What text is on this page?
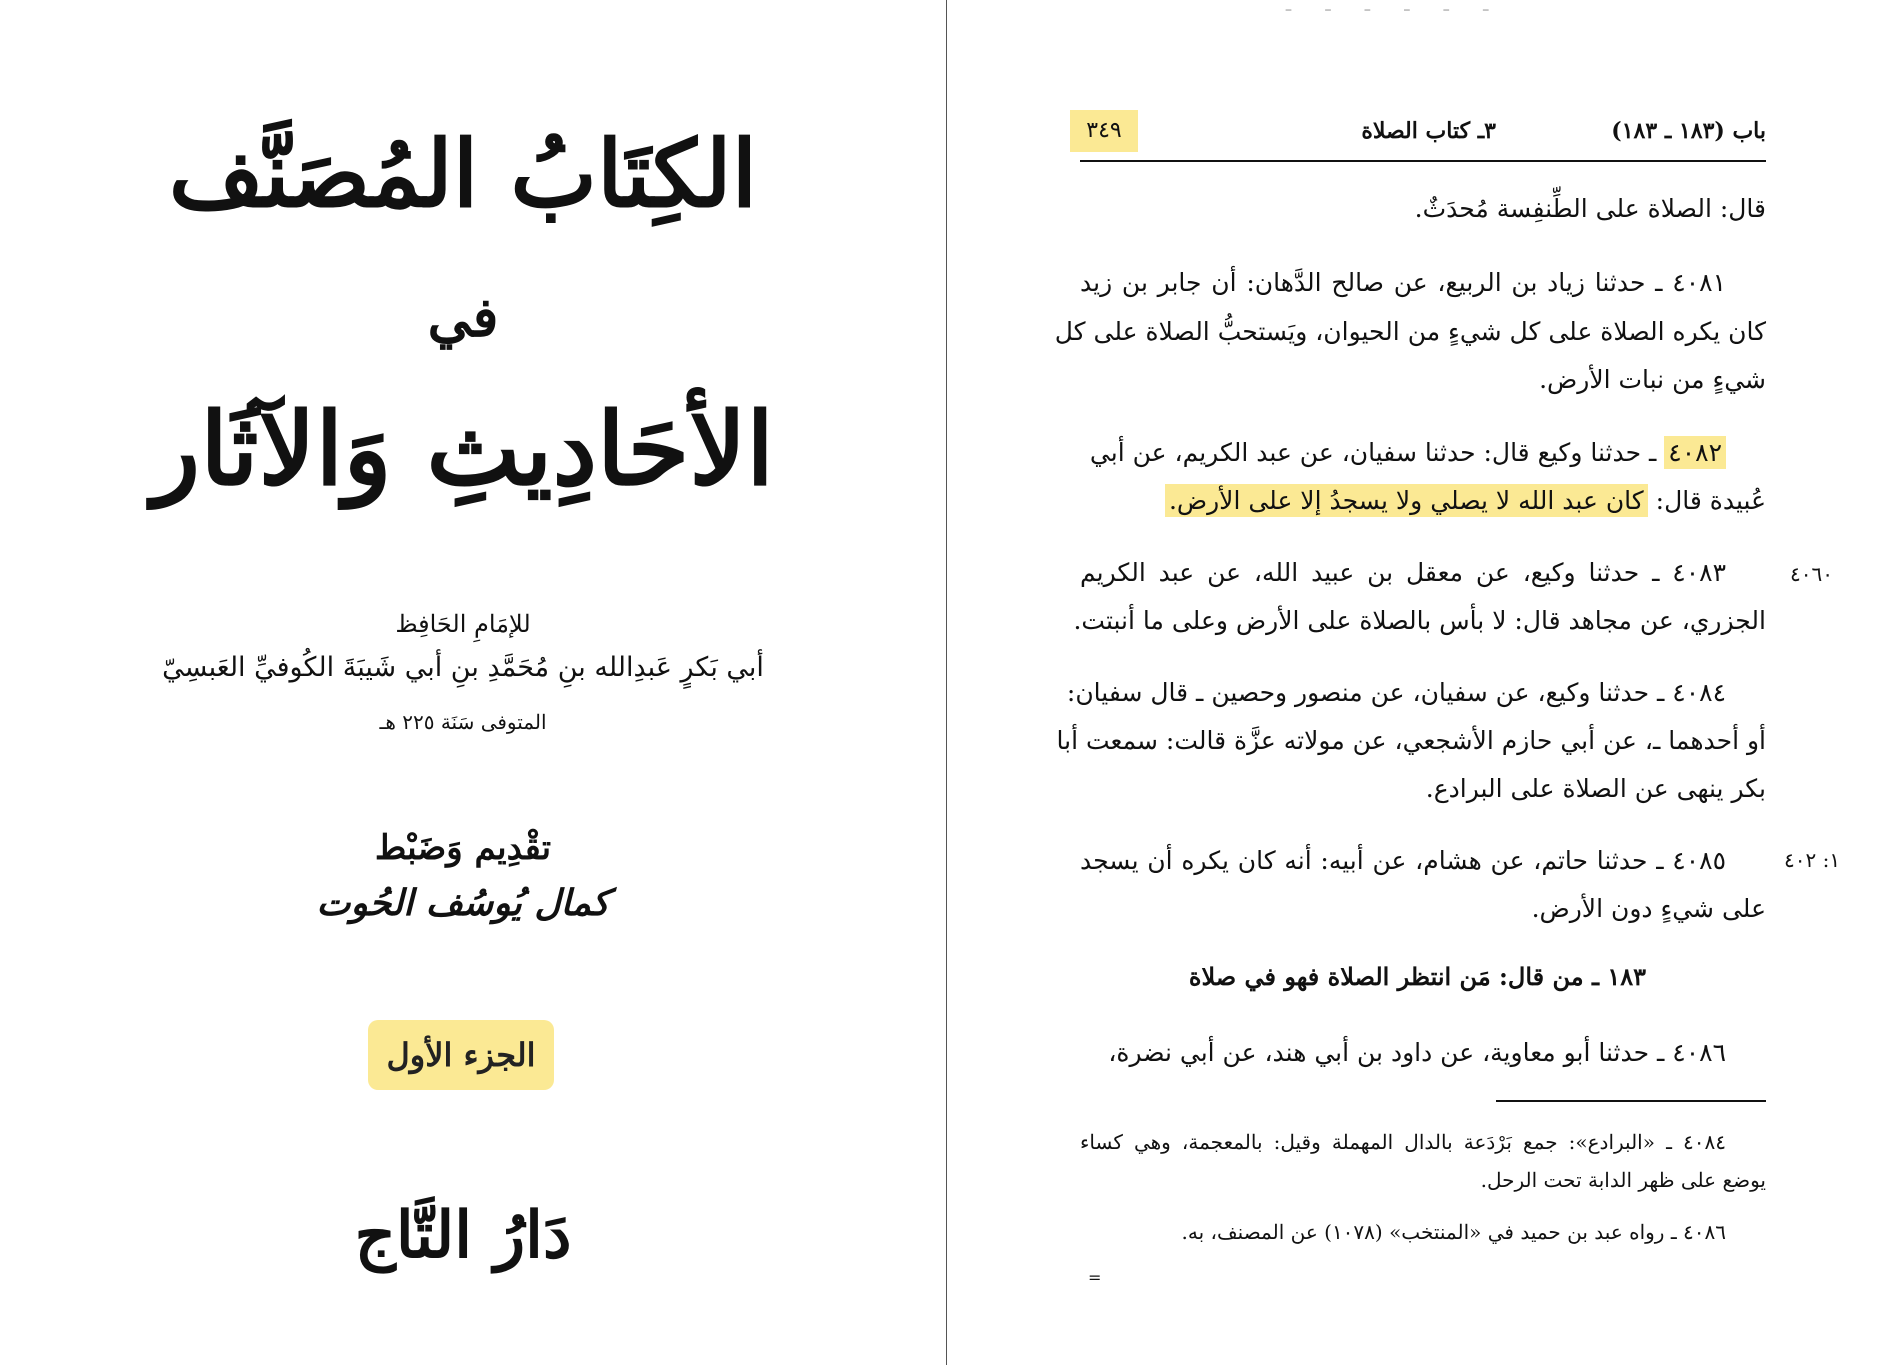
– – – – – –
الكِتَابُ المُصَنَّف
في
الأحَادِيثِ وَالآثَار
للإمَامِ الحَافِظ
أبي بَكرٍ عَبدِالله بنِ مُحَمَّدِ بنِ أبي شَيبَةَ الكُوفيِّ العَبسِيّ
المتوفى سَنَة ٢٢٥ هـ
تقْدِيم وَضَبْط
كمال يُوسُف الحُوت
الجزء الأول
دَارُ التَّاج
باب (١٨٣ ـ ١٨٣)
٣ـ كتاب الصلاة
٣٤٩
قال: الصلاة على الطِّنفِسة مُحدَثٌ.
٤٠٨١ ـ حدثنا زياد بن الربيع، عن صالح الدَّهان: أن جابر بن زيد
كان يكره الصلاة على كل شيءٍ من الحيوان، ويَستحبُّ الصلاة على كل
شيءٍ من نبات الأرض.
٤٠٨٢ ـ حدثنا وكيع قال: حدثنا سفيان، عن عبد الكريم، عن أبي
عُبيدة قال: كان عبد الله لا يصلي ولا يسجدُ إلا على الأرض.
٤٠٨٣ ـ حدثنا وكيع، عن معقل بن عبيد الله، عن عبد الكريم
الجزري، عن مجاهد قال: لا بأس بالصلاة على الأرض وعلى ما أنبتت.
٤٠٨٤ ـ حدثنا وكيع، عن سفيان، عن منصور وحصين ـ قال سفيان:
أو أحدهما ـ، عن أبي حازم الأشجعي، عن مولاته عزَّة قالت: سمعت أبا
بكر ينهى عن الصلاة على البرادع.
٤٠٨٥ ـ حدثنا حاتم، عن هشام، عن أبيه: أنه كان يكره أن يسجد
على شيءٍ دون الأرض.
١٨٣ ـ من قال: مَن انتظر الصلاة فهو في صلاة
٤٠٨٦ ـ حدثنا أبو معاوية، عن داود بن أبي هند، عن أبي نضرة،
٤٠٨٤ ـ «البرادع»: جمع بَرْدَعة بالدال المهملة وقيل: بالمعجمة، وهي كساء
يوضع على ظهر الدابة تحت الرحل.
٤٠٨٦ ـ رواه عبد بن حميد في «المنتخب» (١٠٧٨) عن المصنف، به.
٤٠٦٠
١: ٤٠٢
=
